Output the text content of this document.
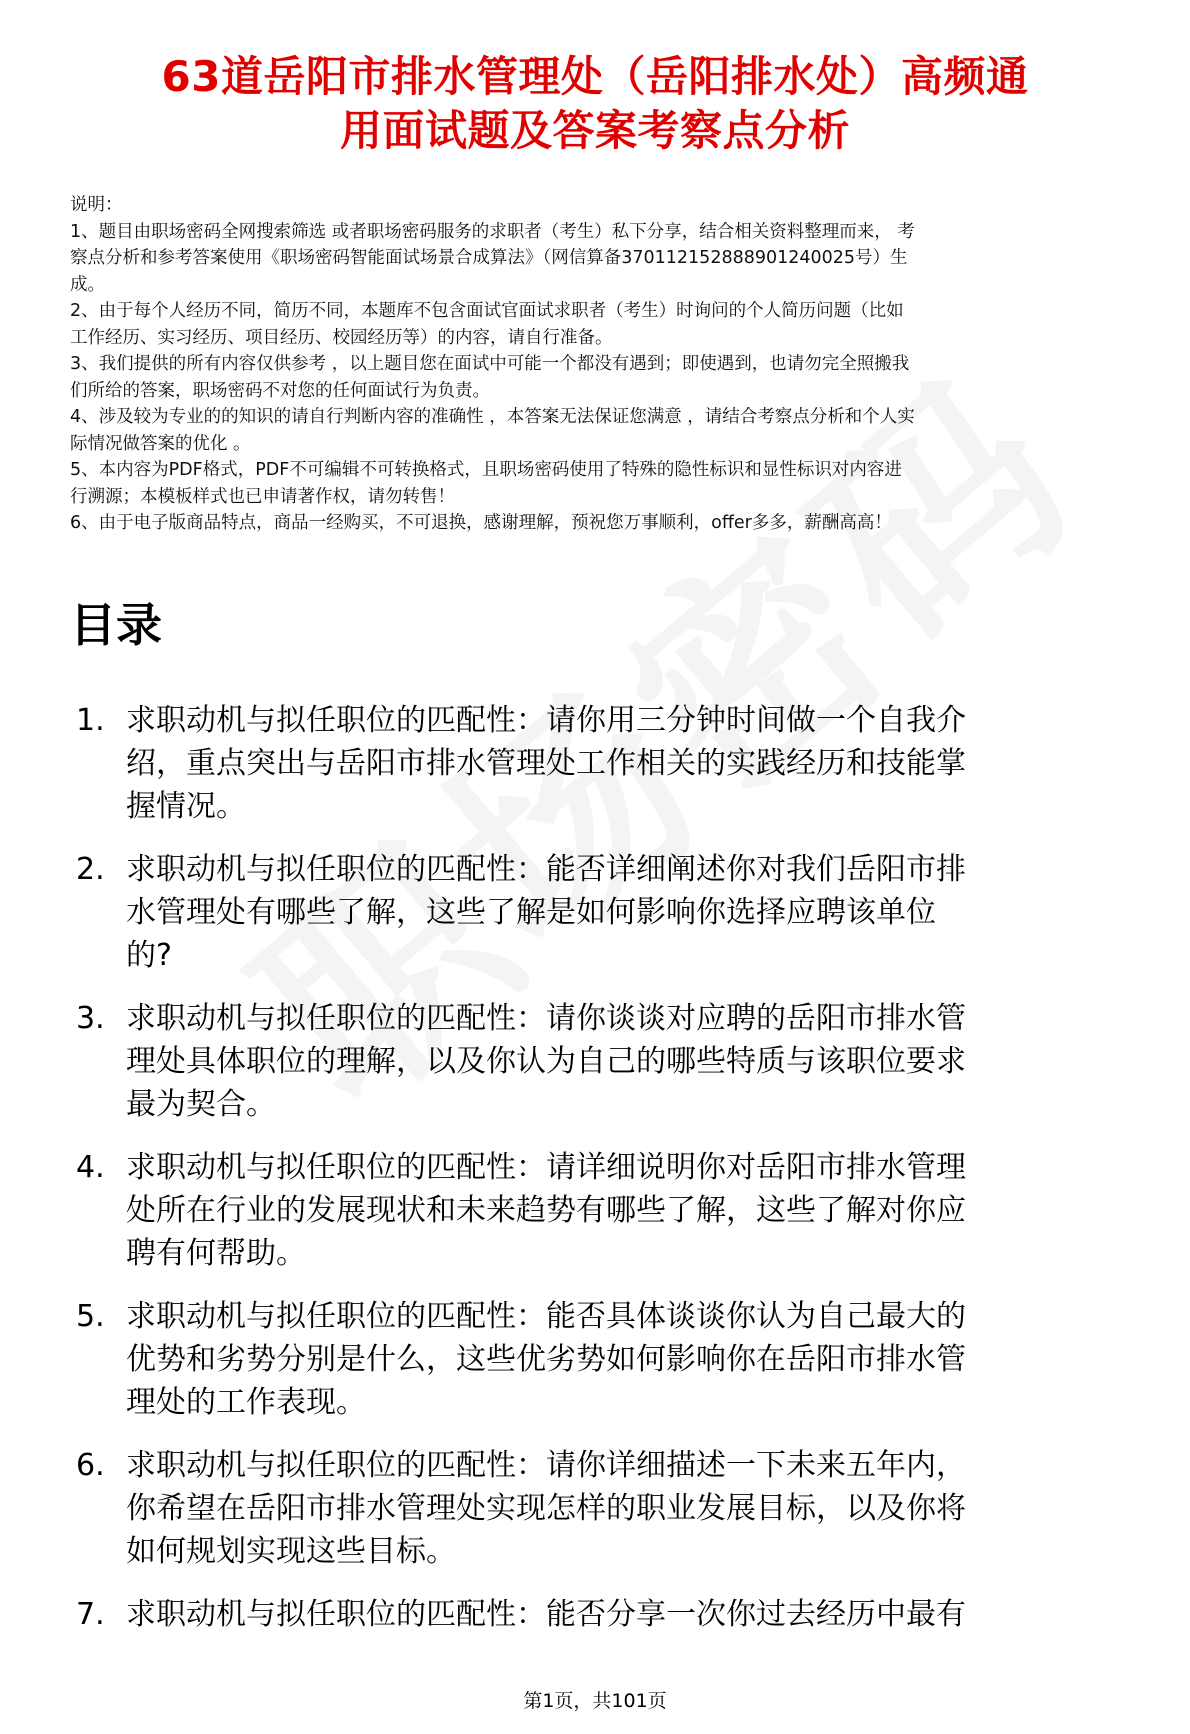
63道岳阳市排水管理处（岳阳排水处）高频通
用面试题及答案考察点分析
说明：
1、题目由职场密码全网搜索筛选 或者职场密码服务的求职者（考生）私下分享，结合相关资料整理而来， 考
察点分析和参考答案使用《职场密码智能面试场景合成算法》（网信算备370112152888901240025号）生
成。
2、由于每个人经历不同，简历不同，本题库不包含面试官面试求职者（考生）时询问的个人简历问题（比如
工作经历、实习经历、项目经历、校园经历等）的内容，请自行准备。
3、我们提供的所有内容仅供参考 ，以上题目您在面试中可能一个都没有遇到；即使遇到，也请勿完全照搬我
们所给的答案，职场密码不对您的任何面试行为负责。
4、涉及较为专业的的知识的请自行判断内容的准确性 ，本答案无法保证您满意 ，请结合考察点分析和个人实
际情况做答案的优化 。
5、本内容为PDF格式，PDF不可编辑不可转换格式，且职场密码使用了特殊的隐性标识和显性标识对内容进
行溯源；本模板样式也已申请著作权，请勿转售！
6、由于电子版商品特点，商品一经购买，不可退换，感谢理解，预祝您万事顺利，offer多多，薪酬高高！
目录
1. 求职动机与拟任职位的匹配性：请你用三分钟时间做一个自我介
绍，重点突出与岳阳市排水管理处工作相关的实践经历和技能掌
握情况。
2. 求职动机与拟任职位的匹配性：能否详细阐述你对我们岳阳市排
水管理处有哪些了解，这些了解是如何影响你选择应聘该单位
的?
3. 求职动机与拟任职位的匹配性：请你谈谈对应聘的岳阳市排水管
理处具体职位的理解，以及你认为自己的哪些特质与该职位要求
最为契合。
4. 求职动机与拟任职位的匹配性：请详细说明你对岳阳市排水管理
处所在行业的发展现状和未来趋势有哪些了解，这些了解对你应
聘有何帮助。
5. 求职动机与拟任职位的匹配性：能否具体谈谈你认为自己最大的
优势和劣势分别是什么，这些优劣势如何影响你在岳阳市排水管
理处的工作表现。
6. 求职动机与拟任职位的匹配性：请你详细描述一下未来五年内，
你希望在岳阳市排水管理处实现怎样的职业发展目标，以及你将
如何规划实现这些目标。
7. 求职动机与拟任职位的匹配性：能否分享一次你过去经历中最有
第1页，共101页
